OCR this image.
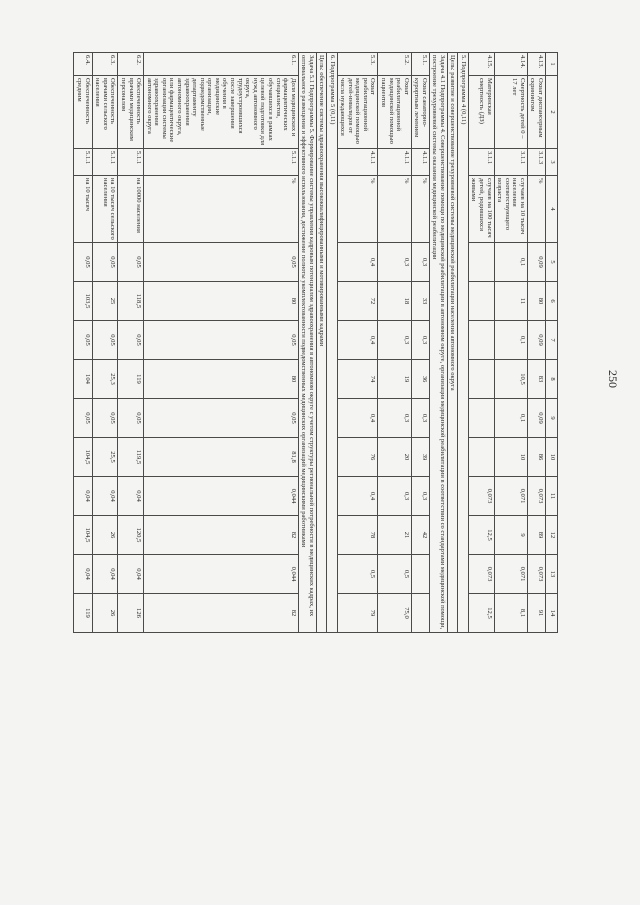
250
1	2	3	4	5	6	7	8	9	10	11	12	13	14
4.13.	Охват диспансерным скринингом	3.1.3	%	0,09	80	0,09	83	0,09	86	0,073	89	0,073	91
4.14.	Смертность детей 0 – 17 лет	3.1.1	случаев на 10 тысяч населения соответствующего возраста	0,1	11	0,1	10,5	0,1	10	0,071	9	0,071	8,1
4.15.	Материнская смертность (ДЗ)	3.1.1	случаев на 100 тысяч детей, родившихся живыми							0,073	12,5	0,073	12,5
5. Подпрограмма 4 (0,11)													
Цель: развитие и совершенствование трехуровневой системы медицинской реабилитации населения автономного округа													
Задача 4.1 Подпрограммы 4. Совершенствование помощи по медицинской реабилитации в автономном округе, организация медицинской реабилитации в соответствии со стандартами медицинской помощи, построение трехуровневой системы оказания медицинской реабилитации													
5.1.	Охват санаторно-курортным лечением	4.1.1	%	0,3	33	0,3	36	0,3	39	0,3	42		
5.2.	Охват реабилитационной медицинской помощью пациентов	4.1.1	%	0,3	18	0,3	19	0,3	20	0,3	21	0,5	75,0
5.3.	Охват реабилитационной медицинской помощью детей-инвалидов от числа нуждающихся	4.1.1	%	0,4	72	0,4	74	0,4	76	0,4	78	0,5	79
6. Подпрограмма 5 (0,11)													
Цель: обеспечение системы здравоохранения высококвалифицированными и мотивированными кадрами													
Задача 5.1 Подпрограммы 5. Формирование системы управления кадровым потенциалом здравоохранения в автономном округе с учетом структуры региональной потребности в медицинских кадрах, их оптимального размещения и эффективного использования, достижение полноты укомплектованности подведомственных медицинских организаций медицинскими работниками													
6.1.	Доля медицинских и фармацевтических специалистов, обучавшихся в рамках целевой подготовки для нужд автономного округа, трудоустроившихся после завершения обучения в медицинские организации, подведомственные департаменту здравоохранения автономного округа, или фармацевтические организации системы здравоохранения автономного округа	5.1.1	%	0,05	80	0,05	80	0,05	81,8	0,044	82	0,044	82
6.2.	Обеспеченность врачами медицинским персоналом	5.1.1	на 10000 населения	0,05	118,5	0,05	119	0,05	119,5	0,04	120,5	0,04	126
6.3.	Обеспеченность врачами сельского населения	5.1.1	на 10 тысяч сельского населения	0,05	25	0,05	25,3	0,05	25,5	0,04	26	0,04	26
6.4.	Обеспеченность средним	5.1.1	на 10 тысяч	0,05	103,5	0,05	104	0,05	104,5	0,04	104,5	0,04	119
